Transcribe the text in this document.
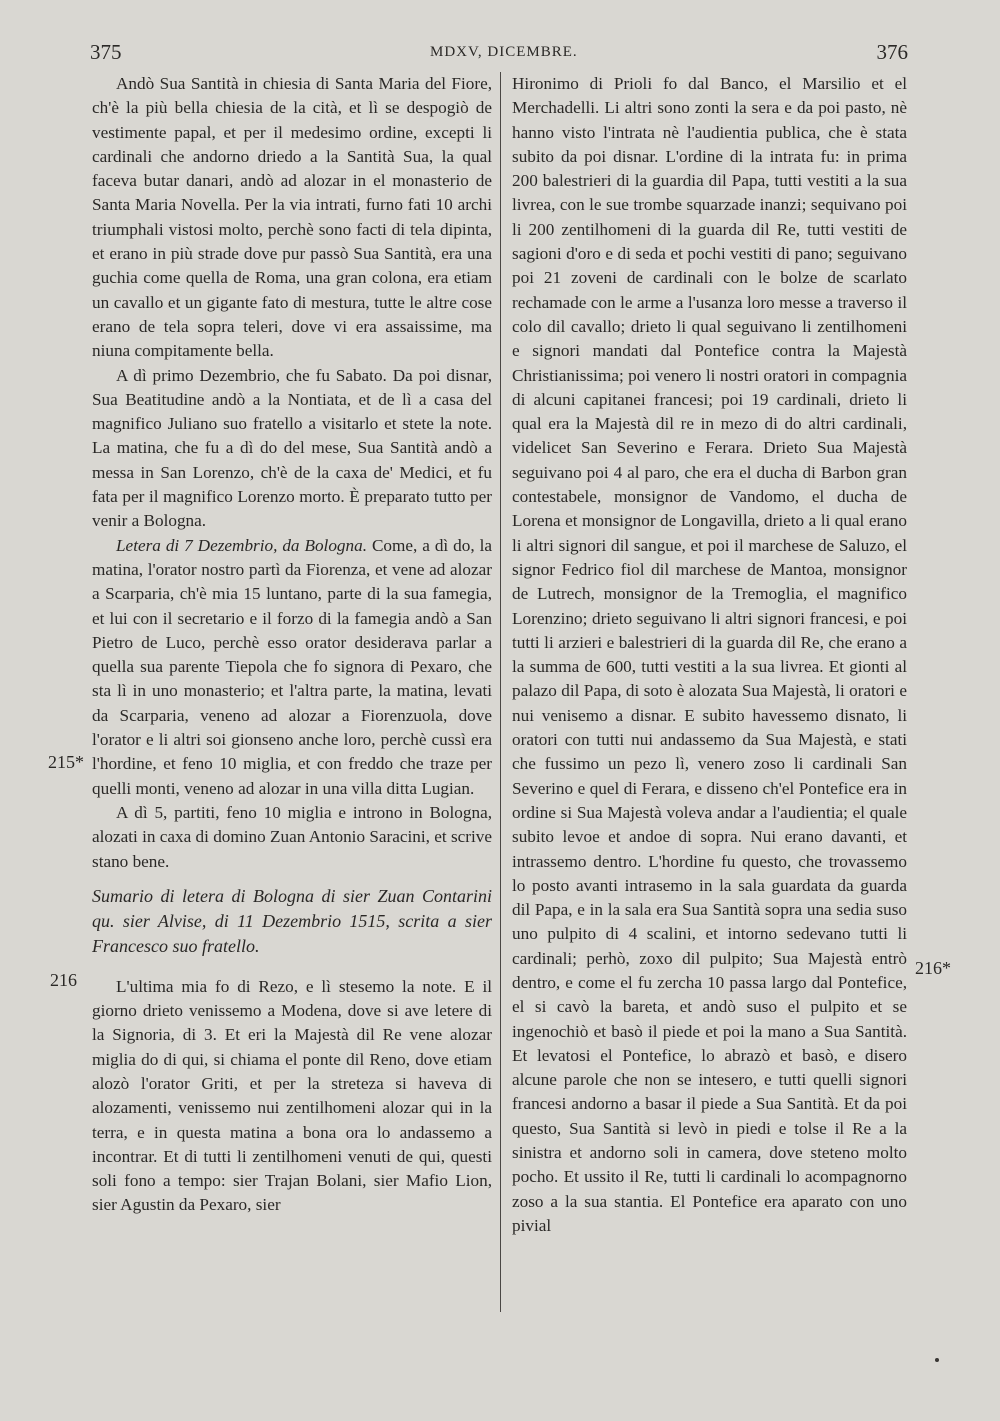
375	MDXV, DICEMBRE.	376
215*
216
216*

Andò Sua Santità in chiesia di Santa Maria del Fiore, ch'è la più bella chiesia de la cità, et lì se despogiò de vestimente papal, et per il medesimo ordine, excepti li cardinali che andorno driedo a la Santità Sua, la qual faceva butar danari, andò ad alozar in el monasterio de Santa Maria Novella. Per la via intrati, furno fati 10 archi triumphali vistosi molto, perchè sono facti di tela dipinta, et erano in più strade dove pur passò Sua Santità, era una guchia come quella de Roma, una gran colona, era etiam un cavallo et un gigante fato di mestura, tutte le altre cose erano de tela sopra teleri, dove vi era assaissime, ma niuna compitamente bella.

A dì primo Dezembrio, che fu Sabato. Da poi disnar, Sua Beatitudine andò a la Nontiata, et de lì a casa del magnifico Juliano suo fratello a visitarlo et stete la note. La matina, che fu a dì do del mese, Sua Santità andò a messa in San Lorenzo, ch'è de la caxa de' Medici, et fu fata per il magnifico Lorenzo morto. È preparato tutto per venir a Bologna.

Letera di 7 Dezembrio, da Bologna. Come, a dì do, la matina, l'orator nostro partì da Fiorenza, et vene ad alozar a Scarparia, ch'è mia 15 luntano, parte di la sua famegia, et lui con il secretario e il forzo di la famegia andò a San Pietro de Luco, perchè esso orator desiderava parlar a quella sua parente Tiepola che fo signora di Pexaro, che sta lì in uno monasterio; et l'altra parte, la matina, levati da Scarparia, veneno ad alozar a Fiorenzuola, dove l'orator e li altri soi gionseno anche loro, perchè cussì era l'hordine, et feno 10 miglia, et con freddo che traze per quelli monti, veneno ad alozar in una villa ditta Lugian.

A dì 5, partiti, feno 10 miglia e introno in Bologna, alozati in caxa di domino Zuan Antonio Saracini, et scrive stano bene.

Sumario di letera di Bologna di sier Zuan Contarini qu. sier Alvise, di 11 Dezembrio 1515, scrita a sier Francesco suo fratello.

L'ultima mia fo di Rezo, e lì stesemo la note. E il giorno drieto venissemo a Modena, dove si ave letere di la Signoria, di 3. Et eri la Majestà dil Re vene alozar miglia do di qui, si chiama el ponte dil Reno, dove etiam alozò l'orator Griti, et per la streteza si haveva di alozamenti, venissemo nui zentilhomeni alozar qui in la terra, e in questa matina a bona ora lo andassemo a incontrar. Et di tutti li zentilhomeni venuti de qui, questi soli fono a tempo: sier Trajan Bolani, sier Mafio Lion, sier Agustin da Pexaro, sier

Hironimo di Prioli fo dal Banco, el Marsilio et el Merchadelli. Li altri sono zonti la sera e da poi pasto, nè hanno visto l'intrata nè l'audientia publica, che è stata subito da poi disnar. L'ordine di la intrata fu: in prima 200 balestrieri di la guardia dil Papa, tutti vestiti a la sua livrea, con le sue trombe squarzade inanzi; sequivano poi li 200 zentilhomeni di la guarda dil Re, tutti vestiti de sagioni d'oro e di seda et pochi vestiti di pano; seguivano poi 21 zoveni de cardinali con le bolze de scarlato rechamade con le arme a l'usanza loro messe a traverso il colo dil cavallo; drieto li qual seguivano li zentilhomeni e signori mandati dal Pontefice contra la Majestà Christianissima; poi venero li nostri oratori in compagnia di alcuni capitanei francesi; poi 19 cardinali, drieto li qual era la Majestà dil re in mezo di do altri cardinali, videlicet San Severino e Ferara. Drieto Sua Majestà seguivano poi 4 al paro, che era el ducha di Barbon gran contestabele, monsignor de Vandomo, el ducha de Lorena et monsignor de Longavilla, drieto a li qual erano li altri signori dil sangue, et poi il marchese de Saluzo, el signor Fedrico fiol dil marchese de Mantoa, monsignor de Lutrech, monsignor de la Tremoglia, el magnifico Lorenzino; drieto seguivano li altri signori francesi, e poi tutti li arzieri e balestrieri di la guarda dil Re, che erano a la summa de 600, tutti vestiti a la sua livrea. Et gionti al palazo dil Papa, di soto è alozata Sua Majestà, li oratori e nui venisemo a disnar. E subito havessemo disnato, li oratori con tutti nui andassemo da Sua Majestà, e stati che fussimo un pezo lì, venero zoso li cardinali San Severino e quel di Ferara, e disseno ch'el Pontefice era in ordine si Sua Majestà voleva andar a l'audientia; el quale subito levoe et andoe di sopra. Nui erano davanti, et intrassemo dentro. L'hordine fu questo, che trovassemo lo posto avanti intrasemo in la sala guardata da guarda dil Papa, e in la sala era Sua Santità sopra una sedia suso uno pulpito di 4 scalini, et intorno sedevano tutti li cardinali; perhò, zoxo dil pulpito; Sua Majestà entrò dentro, e come el fu zercha 10 passa largo dal Pontefice, el si cavò la bareta, et andò suso el pulpito et se ingenochiò et basò il piede et poi la mano a Sua Santità. Et levatosi el Pontefice, lo abrazò et basò, e disero alcune parole che non se intesero, e tutti quelli signori francesi andorno a basar il piede a Sua Santità. Et da poi questo, Sua Santità si levò in piedi e tolse il Re a la sinistra et andorno soli in camera, dove steteno molto pocho. Et ussito il Re, tutti li cardinali lo acompagnorno zoso a la sua stantia. El Pontefice era aparato con uno pivial
